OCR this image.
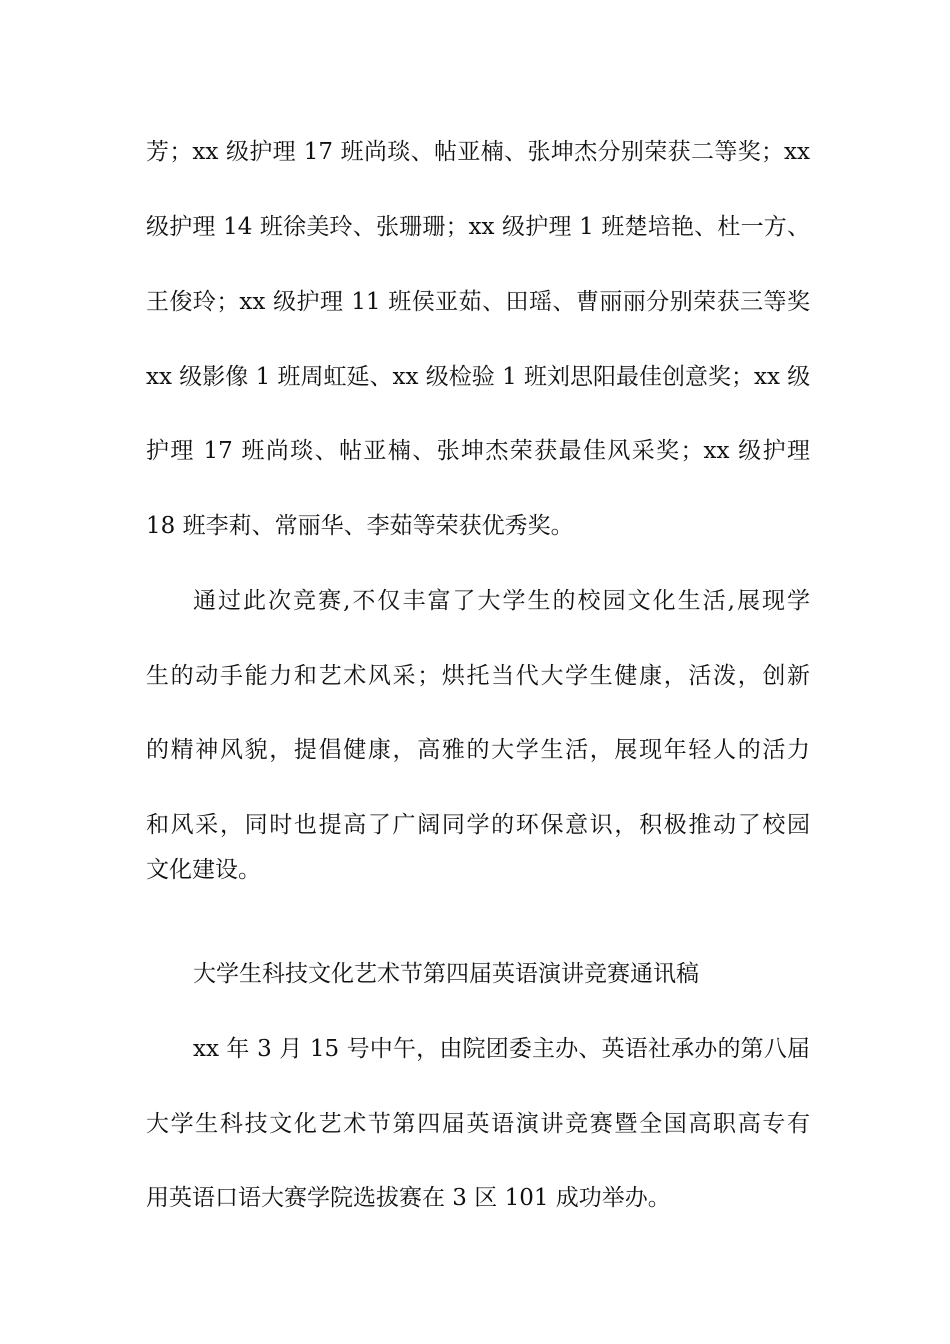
芳；xx 级护理 17 班尚琰、帖亚楠、张坤杰分别荣获二等奖；xx
级护理 14 班徐美玲、张珊珊；xx 级护理 1 班楚培艳、杜一方、
王俊玲；xx 级护理 11 班侯亚茹、田瑶、曹丽丽分别荣获三等奖
xx 级影像 1 班周虹延、xx 级检验 1 班刘思阳最佳创意奖；xx 级
护理 17 班尚琰、帖亚楠、张坤杰荣获最佳风采奖；xx 级护理
18 班李莉、常丽华、李茹等荣获优秀奖。
通过此次竞赛,不仅丰富了大学生的校园文化生活,展现学
生的动手能力和艺术风采；烘托当代大学生健康，活泼，创新
的精神风貌，提倡健康，高雅的大学生活，展现年轻人的活力
和风采，同时也提高了广阔同学的环保意识，积极推动了校园
文化建设。
大学生科技文化艺术节第四届英语演讲竞赛通讯稿
xx 年 3 月 15 号中午，由院团委主办、英语社承办的第八届
大学生科技文化艺术节第四届英语演讲竞赛暨全国高职高专有
用英语口语大赛学院选拔赛在 3 区 101 成功举办。
